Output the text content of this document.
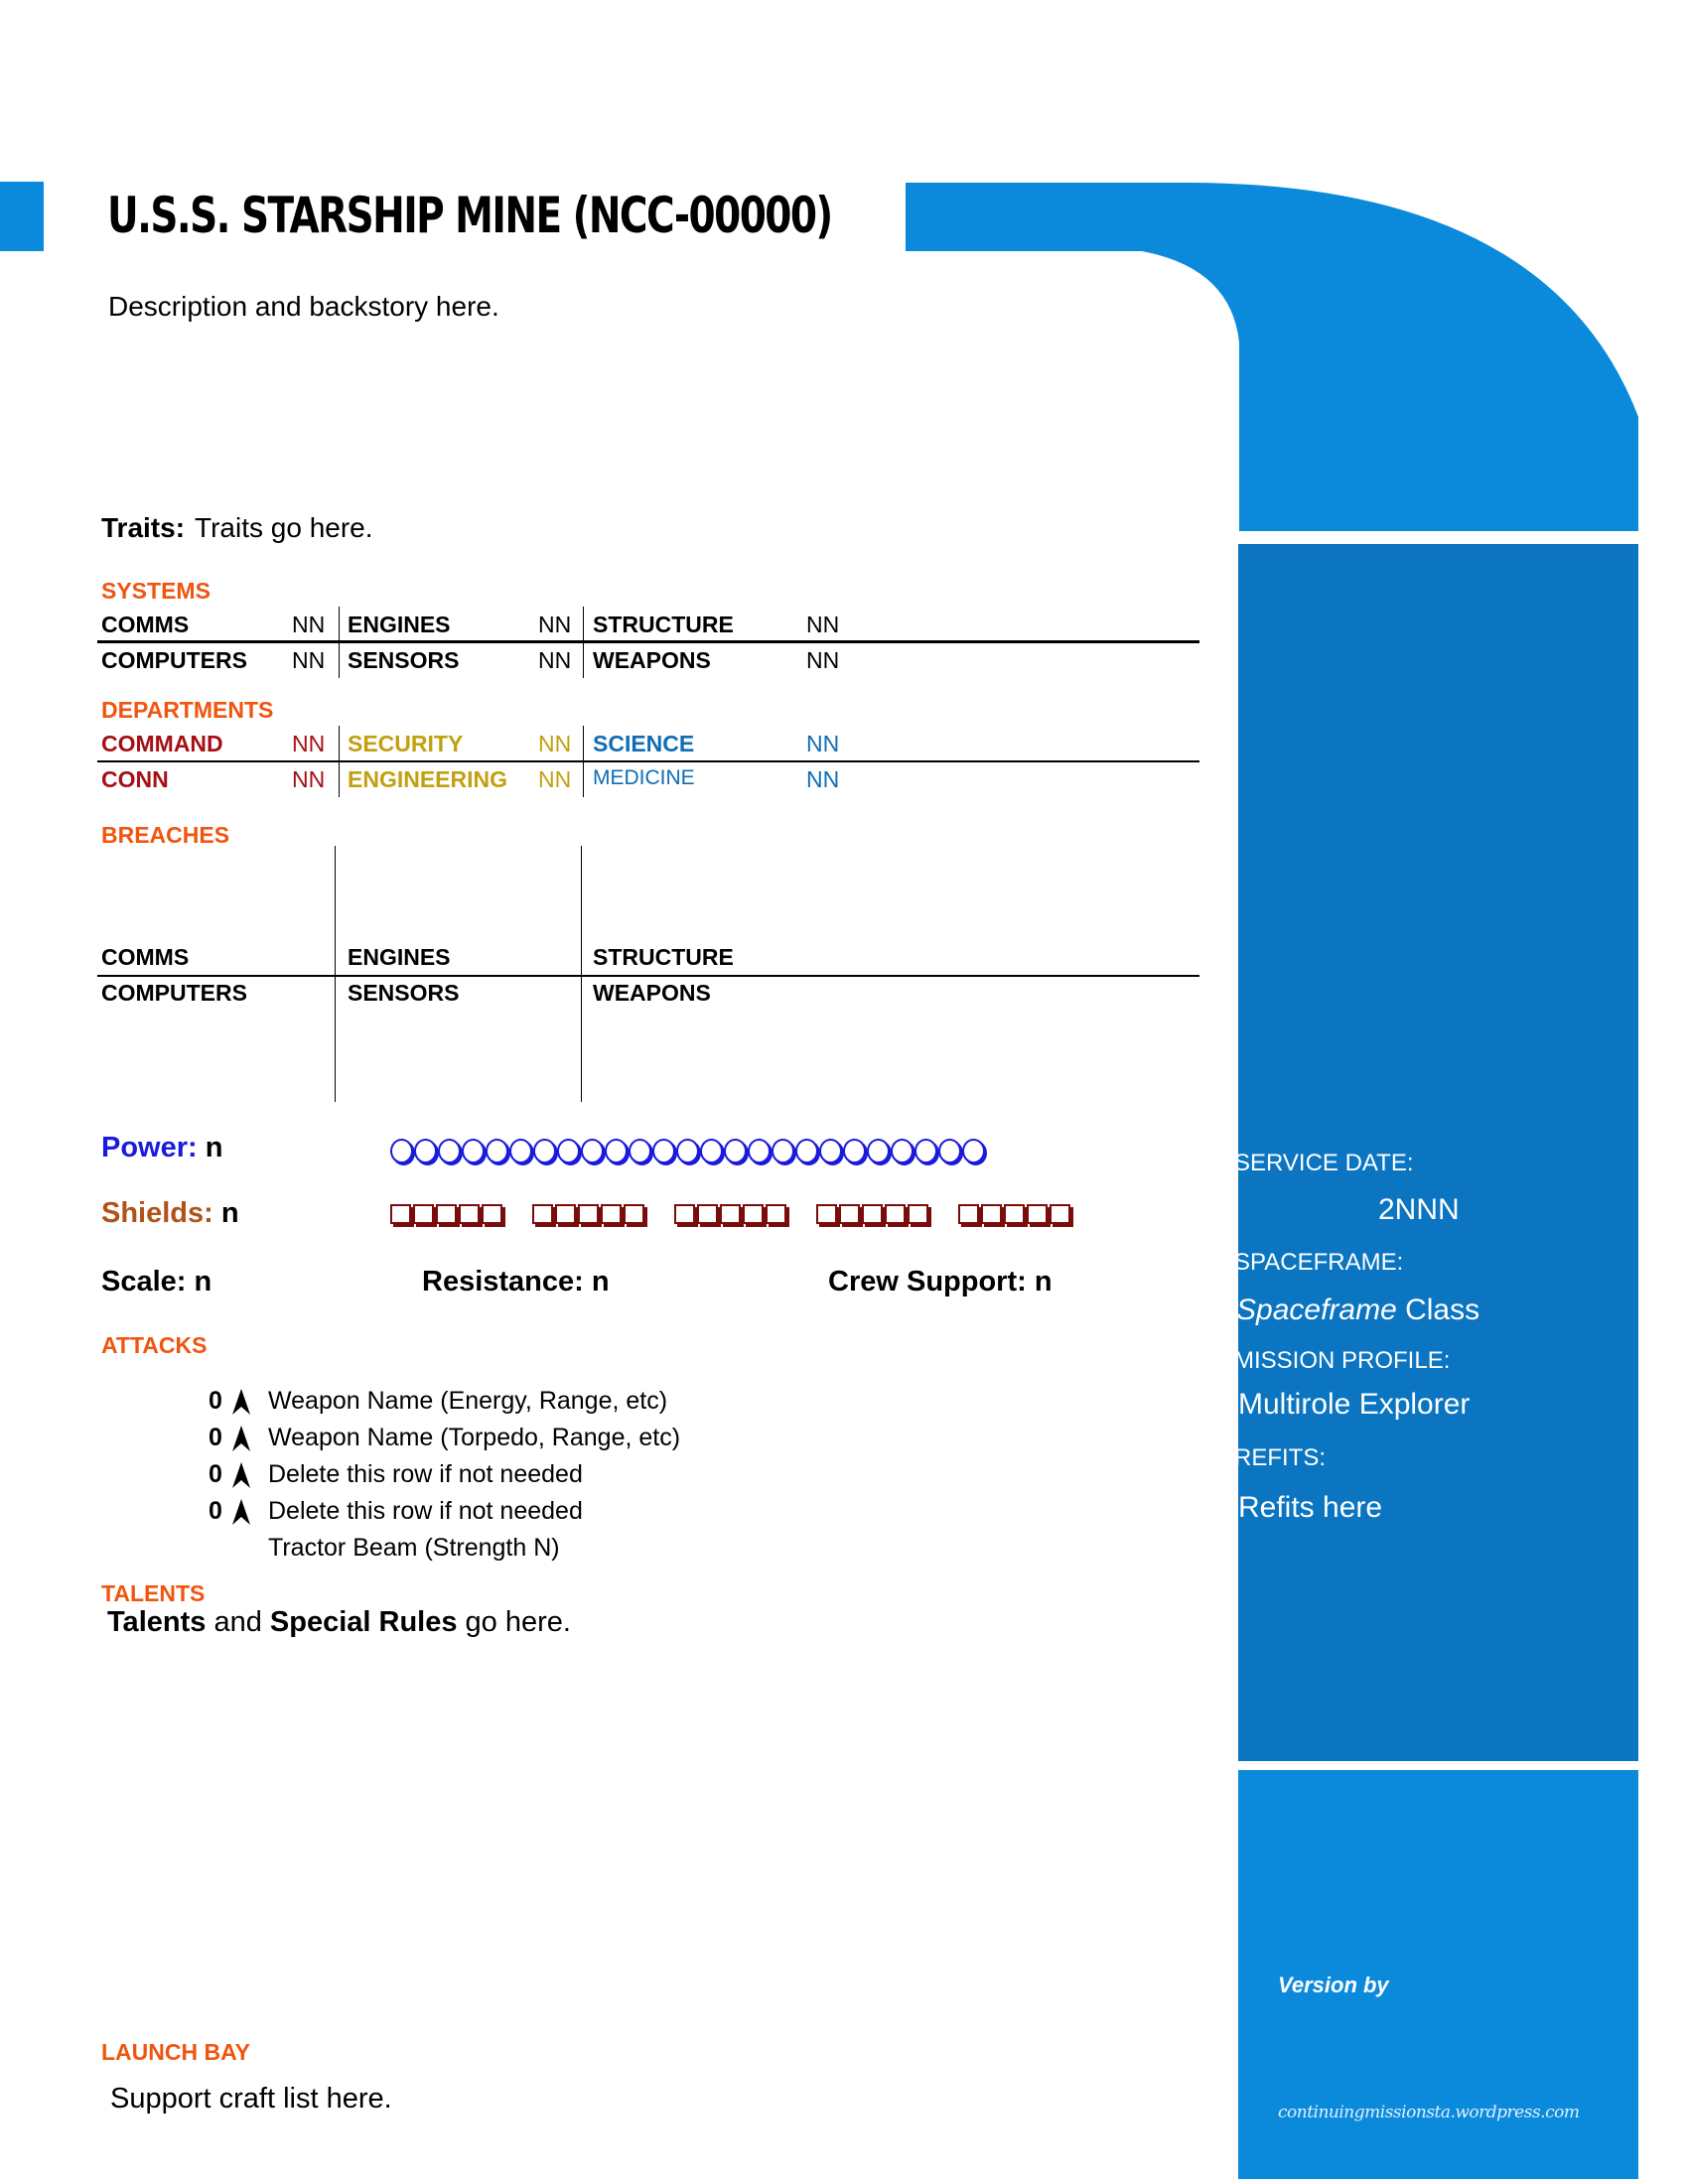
U.S.S. STARSHIP MINE (NCC-00000)
Description and backstory here.
Traits: Traits go here.
SYSTEMS
COMMS	NN ENGINES	NN STRUCTURE	NN
COMPUTERS NN SENSORS	NN WEAPONS	NN
DEPARTMENTS
COMMAND	NN SECURITY	NN SCIENCE	NN
CONN	NN ENGINEERING NN MEDICINE	NN
BREACHES
COMMS	ENGINES	STRUCTURE
COMPUTERS	SENSORS	WEAPONS
Power: n
Shields: n
Scale: n	Resistance: n	Crew Support: n
ATTACKS
0 Weapon Name (Energy, Range, etc)
0 Weapon Name (Torpedo, Range, etc)
0 Delete this row if not needed
0 Delete this row if not needed
Tractor Beam (Strength N)
TALENTS
Talents and Special Rules go here.
LAUNCH BAY
Support craft list here.
SERVICE DATE:
2NNN
SPACEFRAME:
Spaceframe Class
MISSION PROFILE:
Multirole Explorer
REFITS:
Refits here
Version by
continuingmissionsta.wordpress.com
